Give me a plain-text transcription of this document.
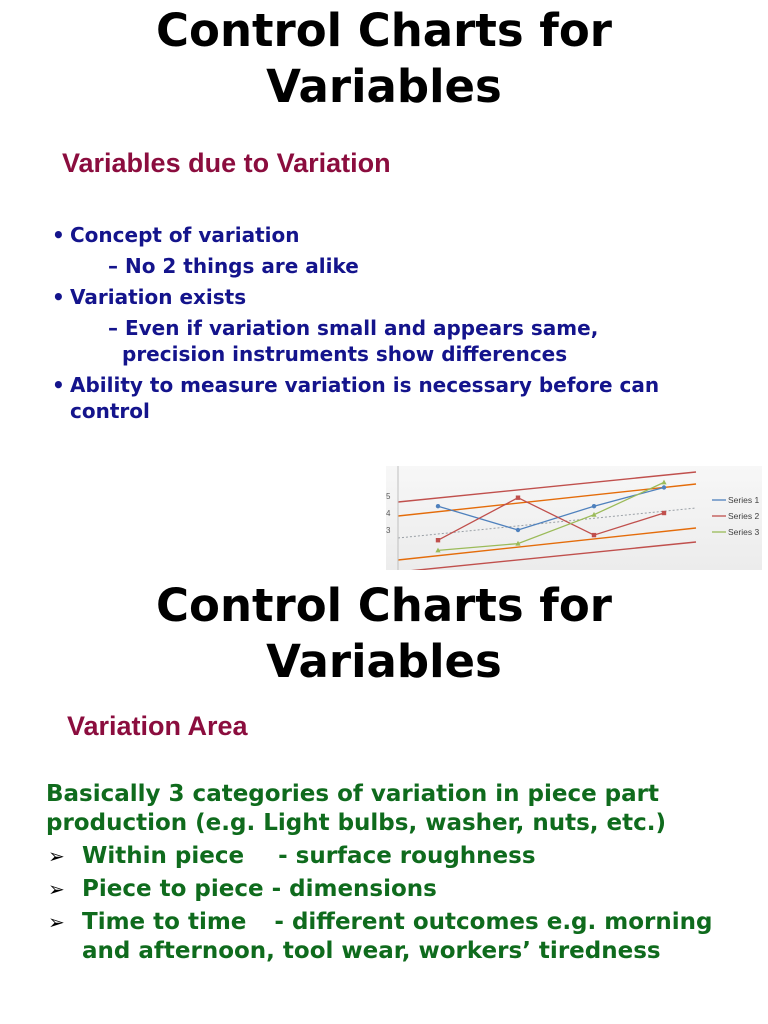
Control Charts for
Variables
Variables due to Variation
• Concept of variation
– No 2 things are alike
• Variation exists
– Even if variation small and appears same,
precision instruments show differences
• Ability to measure variation is necessary before can
control
5
4
3
Series 1
Series 2
Series 3
Control Charts for
Variables
Variation Area
Basically 3 categories of variation in piece part
production (e.g. Light bulbs, washer, nuts, etc.)
➢ Within piece - surface roughness
➢ Piece to piece - dimensions
➢ Time to time - different outcomes e.g. morning
and afternoon, tool wear, workers’ tiredness
